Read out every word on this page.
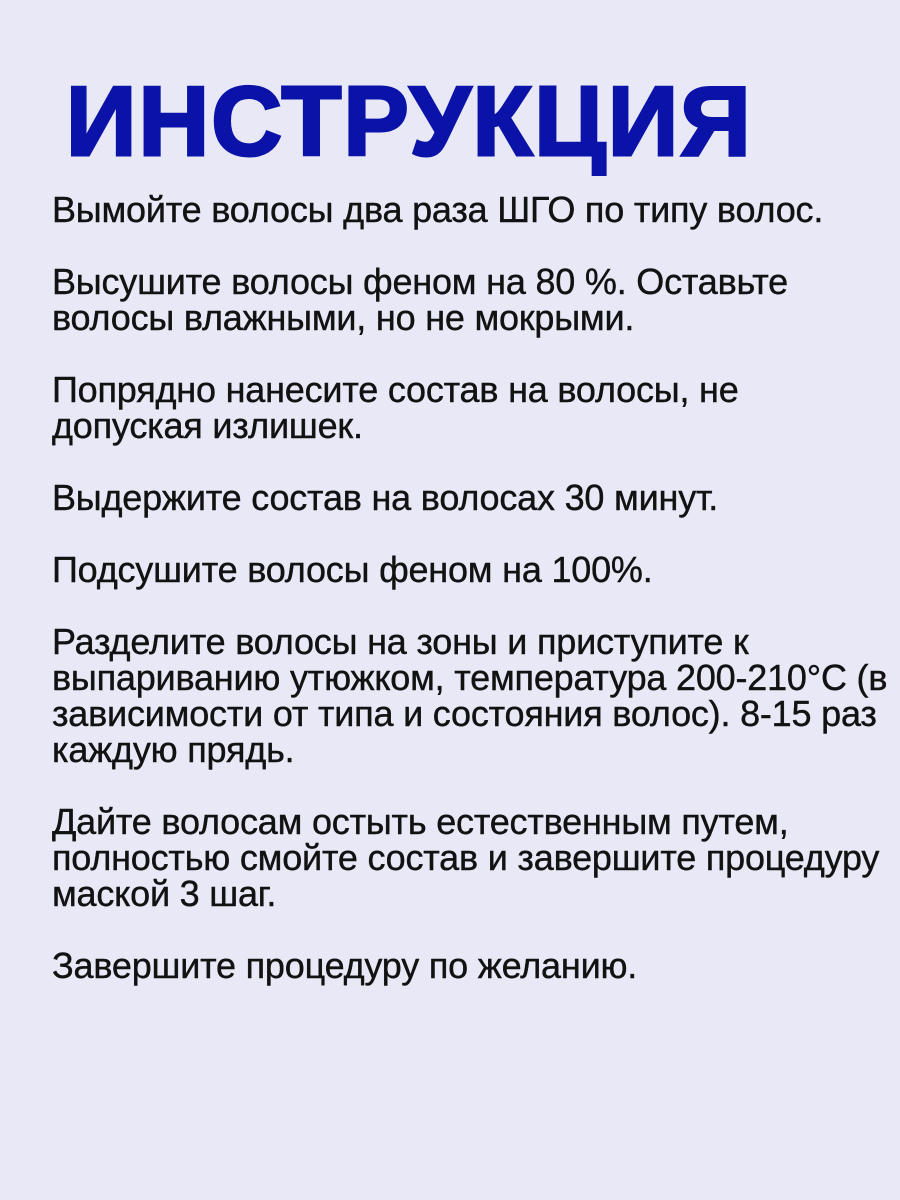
ИНСТРУКЦИЯ
Вымойте волосы два раза ШГО по типу волос.
Высушите волосы феном на 80 %. Оставьте волосы влажными, но не мокрыми.
Попрядно нанесите состав на волосы, не допуская излишек.
Выдержите состав на волосах 30 минут.
Подсушите волосы феном на 100%.
Разделите волосы на зоны и приступите к выпариванию утюжком, температура 200-210°С (в зависимости от типа и состояния волос). 8-15 раз каждую прядь.
Дайте волосам остыть естественным путем, полностью смойте состав и завершите процедуру маской 3 шаг.
Завершите процедуру по желанию.
